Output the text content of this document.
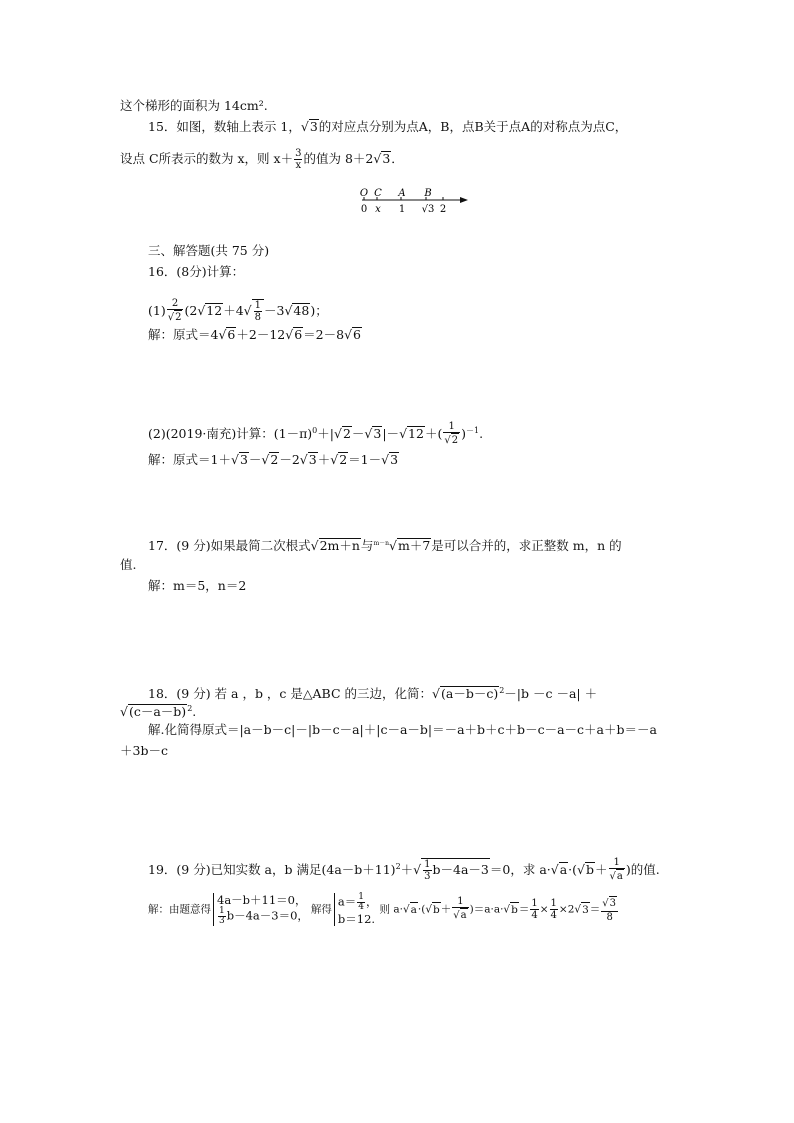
这个梯形的面积为 14cm².
15．如图，数轴上表示 1，√3的对应点分别为点A，B，点B关于点A的对称点为点C，
设点 C所表示的数为 x，则 $x+ \frac{3}{x}$ 的值为 8＋2√3．
O C A B
0 x 1 √3 2
三、解答题(共 75 分)
16．(8分)计算：
$(1) \frac{2}{√2} (2√12+4√ \frac{1}{8} -3√48)$；
解：原式＝4√6＋2－12√6＝2－8√6
(2)(2019·南充)计算：$(1-\pi)^0+|√2-√3|-√12+( \frac{1}{√2} )^{-1}$.
解：原式＝1＋√3－√2－2√3＋√2＝1－√3
17．(9 分)如果最简二次根式√2m＋n与$^{m-n}$√m＋7是可以合并的，求正整数 m，n 的
值.
解：m＝5，n＝2
18．(9 分) 若 a ，b ，c 是△ABC 的三边，化简：$√(a-b-c)^2-|b -c -a|$ ＋
$√(c-a-b)^2$.
解.化简得原式＝|a－b－c|－|b－c－a|＋|c－a－b|＝－a＋b＋c＋b－c－a－c＋a＋b＝－a
＋3b－c
19．(9 分)已知实数 a，b 满足$(4a-b+11)^2+√ \frac{1}{3} b-4a-3=0$，求 $a\cdot√a\cdot(√b+ \frac{1}{√a}$ )的值.
解：由题意得
4a－b＋11＝0，
$\frac{1}{3} b-4a-3=0$， 解得
$a= \frac{1}{4}$ ，
b＝12.
则 $a\cdot√a\cdot(√b+ \frac{1}{√a} )=a\cdot a\cdot√b= \frac{1}{4} \times \frac{1}{4} \times 2√3= \frac{√3}{8}$
